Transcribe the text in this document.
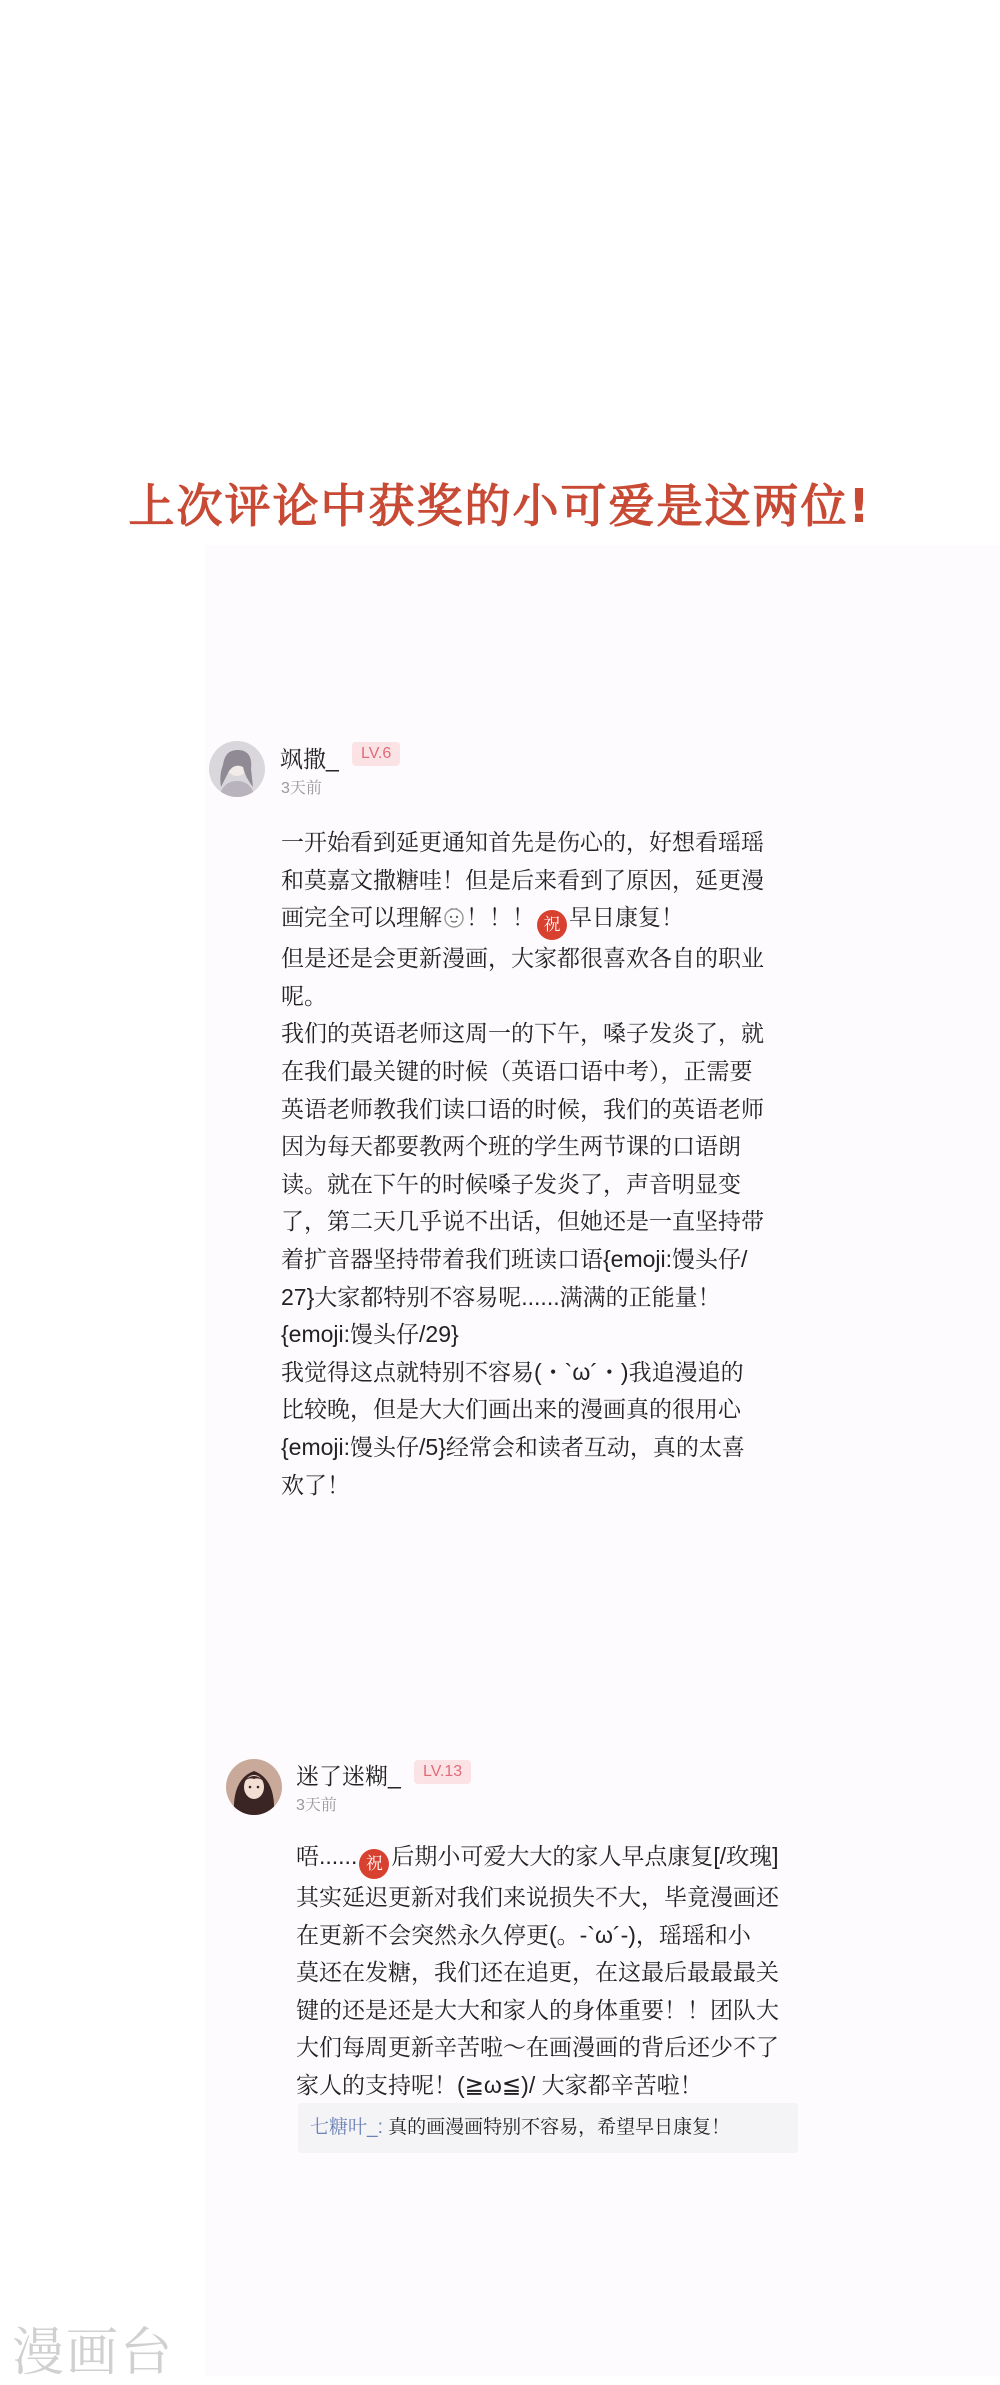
上次评论中获奖的小可爱是这两位!
飒撒_	LV.6
3天前
一开始看到延更通知首先是伤心的，好想看瑶瑶
和莫嘉文撒糖哇！但是后来看到了原因，延更漫
画完全可以理解 ！！！ 祝 早日康复！
但是还是会更新漫画，大家都很喜欢各自的职业
呢。
我们的英语老师这周一的下午，嗓子发炎了，就
在我们最关键的时候（英语口语中考），正需要
英语老师教我们读口语的时候，我们的英语老师
因为每天都要教两个班的学生两节课的口语朗
读。就在下午的时候嗓子发炎了，声音明显变
了，第二天几乎说不出话，但她还是一直坚持带
着扩音器坚持带着我们班读口语{emoji:馒头仔/
27}大家都特别不容易呢......满满的正能量！
{emoji:馒头仔/29}
我觉得这点就特别不容易(・`ω´・)我追漫追的
比较晚，但是大大们画出来的漫画真的很用心
{emoji:馒头仔/5}经常会和读者互动，真的太喜
欢了！
迷了迷糊_	LV.13
3天前
唔...... 祝 后期小可爱大大的家人早点康复[/玫瑰]
其实延迟更新对我们来说损失不大，毕竟漫画还
在更新不会突然永久停更(。-`ω´-)，瑶瑶和小
莫还在发糖，我们还在追更，在这最后最最最关
键的还是还是大大和家人的身体重要！！团队大
大们每周更新辛苦啦～在画漫画的背后还少不了
家人的支持呢！(≧ω≦)/ 大家都辛苦啦！
七糖叶_: 真的画漫画特别不容易，希望早日康复！
漫画台
